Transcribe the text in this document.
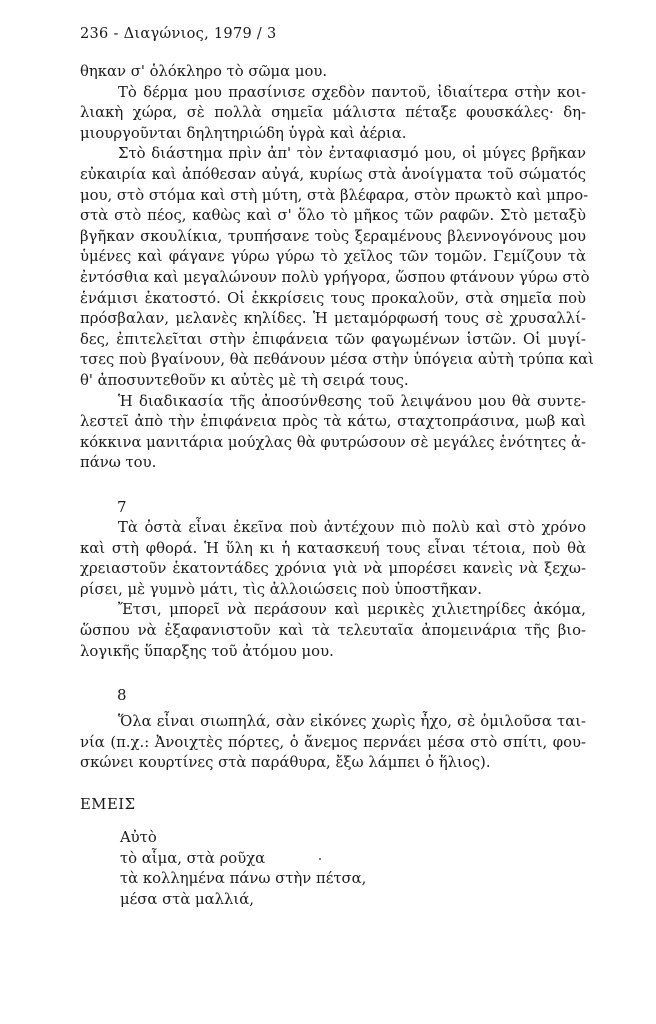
236 - Διαγώνιος, 1979 / 3
θηκαν σ' ὁλόκληρο τὸ σῶμα μου.
Τὸ δέρμα μου πρασίνισε σχεδὸν παντοῦ, ἰδιαίτερα στὴν κοι-
λιακὴ χώρα, σὲ πολλὰ σημεῖα μάλιστα πέταξε φουσκάλες· δη-
μιουργοῦνται δηλητηριώδη ὑγρὰ καὶ ἀέρια.
Στὸ διάστημα πρὶν ἀπ' τὸν ἐνταφιασμό μου, οἱ μύγες βρῆκαν
εὐκαιρία καὶ ἀπόθεσαν αὐγά, κυρίως στὰ ἀνοίγματα τοῦ σώματός
μου, στὸ στόμα καὶ στὴ μύτη, στὰ βλέφαρα, στὸν πρωκτὸ καὶ μπρο-
στὰ στὸ πέος, καθὼς καὶ σ' ὅλο τὸ μῆκος τῶν ραφῶν. Στὸ μεταξὺ
βγῆκαν σκουλίκια, τρυπήσανε τοὺς ξεραμένους βλεννογόνους μου
ὑμένες καὶ φάγανε γύρω γύρω τὸ χεῖλος τῶν τομῶν. Γεμίζουν τὰ
ἐντόσθια καὶ μεγαλώνουν πολὺ γρήγορα, ὥσπου φτάνουν γύρω στὸ
ἑνάμισι ἑκατοστό. Οἱ ἐκκρίσεις τους προκαλοῦν, στὰ σημεῖα ποὺ
πρόσβαλαν, μελανὲς κηλίδες. Ἡ μεταμόρφωσή τους σὲ χρυσαλλί-
δες, ἐπιτελεῖται στὴν ἐπιφάνεια τῶν φαγωμένων ἱστῶν. Οἱ μυγί-
τσες ποὺ βγαίνουν, θὰ πεθάνουν μέσα στὴν ὑπόγεια αὐτὴ τρύπα καὶ
θ' ἀποσυντεθοῦν κι αὐτὲς μὲ τὴ σειρά τους.
Ἡ διαδικασία τῆς ἀποσύνθεσης τοῦ λειψάνου μου θὰ συντε-
λεστεῖ ἀπὸ τὴν ἐπιφάνεια πρὸς τὰ κάτω, σταχτοπράσινα, μωβ καὶ
κόκκινα μανιτάρια μούχλας θὰ φυτρώσουν σὲ μεγάλες ἑνότητες ἀ-
πάνω του.
7
Τὰ ὀστὰ εἶναι ἐκεῖνα ποὺ ἀντέχουν πιὸ πολὺ καὶ στὸ χρόνο
καὶ στὴ φθορά. Ἡ ὕλη κι ἡ κατασκευή τους εἶναι τέτοια, ποὺ θὰ
χρειαστοῦν ἑκατοντάδες χρόνια γιὰ νὰ μπορέσει κανεὶς νὰ ξεχω-
ρίσει, μὲ γυμνὸ μάτι, τὶς ἀλλοιώσεις ποὺ ὑποστῆκαν.
Ἔτσι, μπορεῖ νὰ περάσουν καὶ μερικὲς χιλιετηρίδες ἀκόμα,
ὥσπου νὰ ἐξαφανιστοῦν καὶ τὰ τελευταῖα ἀπομεινάρια τῆς βιο-
λογικῆς ὕπαρξης τοῦ ἀτόμου μου.
8
Ὅλα εἶναι σιωπηλά, σὰν εἰκόνες χωρὶς ἦχο, σὲ ὁμιλοῦσα ται-
νία (π.χ.: Ἀνοιχτὲς πόρτες, ὁ ἄνεμος περνάει μέσα στὸ σπίτι, φου-
σκώνει κουρτίνες στὰ παράθυρα, ἔξω λάμπει ὁ ἥλιος).
ΕΜΕΙΣ
Αὐτὸ
τὸ αἷμα, στὰ ροῦχα
τὰ κολλημένα πάνω στὴν πέτσα,
μέσα στὰ μαλλιά,
